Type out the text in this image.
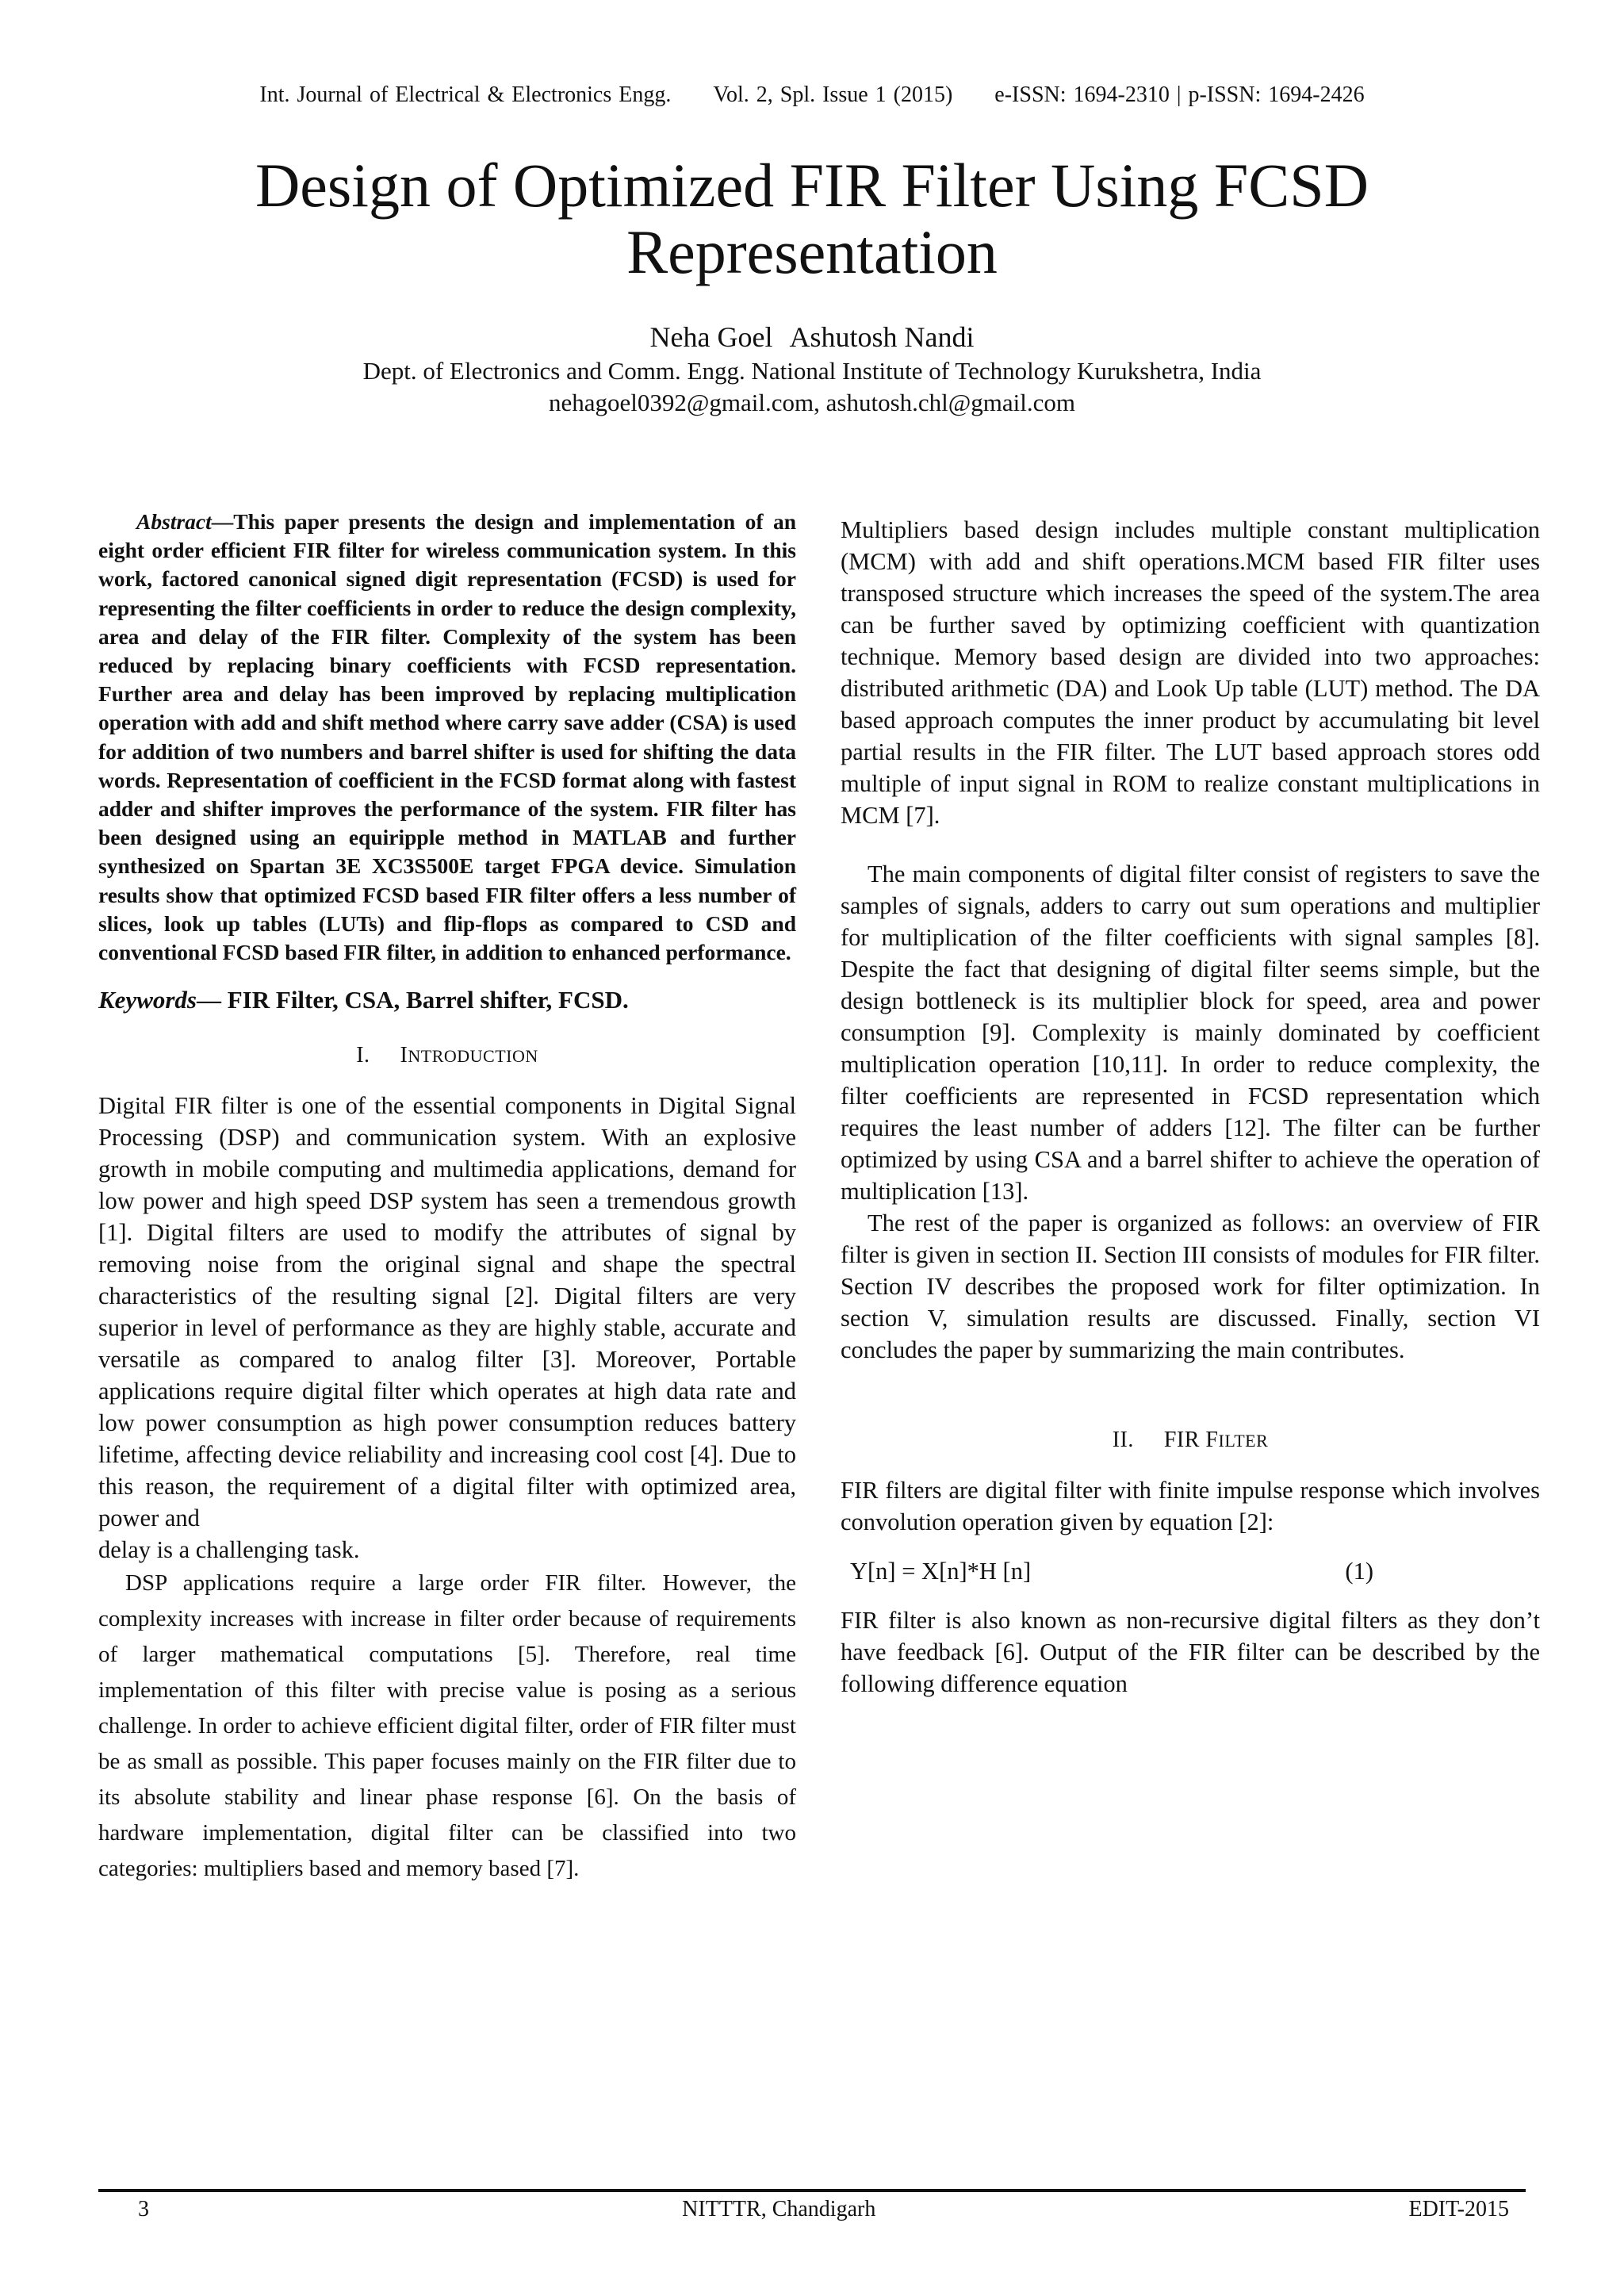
Int. Journal of Electrical & Electronics Engg. Vol. 2, Spl. Issue 1 (2015) e-ISSN: 1694-2310 | p-ISSN: 1694-2426
Design of Optimized FIR Filter Using FCSD Representation
Neha Goel Ashutosh Nandi
Dept. of Electronics and Comm. Engg. National Institute of Technology Kurukshetra, India
nehagoel0392@gmail.com, ashutosh.chl@gmail.com

Abstract—This paper presents the design and implementation of an eight order efficient FIR filter for wireless communication system. In this work, factored canonical signed digit representation (FCSD) is used for representing the filter coefficients in order to reduce the design complexity, area and delay of the FIR filter. Complexity of the system has been reduced by replacing binary coefficients with FCSD representation. Further area and delay has been improved by replacing multiplication operation with add and shift method where carry save adder (CSA) is used for addition of two numbers and barrel shifter is used for shifting the data words. Representation of coefficient in the FCSD format along with fastest adder and shifter improves the performance of the system. FIR filter has been designed using an equiripple method in MATLAB and further synthesized on Spartan 3E XC3S500E target FPGA device. Simulation results show that optimized FCSD based FIR filter offers a less number of slices, look up tables (LUTs) and flip-flops as compared to CSD and conventional FCSD based FIR filter, in addition to enhanced performance.

Keywords— FIR Filter, CSA, Barrel shifter, FCSD.

I. INTRODUCTION

Digital FIR filter is one of the essential components in Digital Signal Processing (DSP) and communication system. With an explosive growth in mobile computing and multimedia applications, demand for low power and high speed DSP system has seen a tremendous growth [1]. Digital filters are used to modify the attributes of signal by removing noise from the original signal and shape the spectral characteristics of the resulting signal [2]. Digital filters are very superior in level of performance as they are highly stable, accurate and versatile as compared to analog filter [3]. Moreover, Portable applications require digital filter which operates at high data rate and low power consumption as high power consumption reduces battery lifetime, affecting device reliability and increasing cool cost [4]. Due to this reason, the requirement of a digital filter with optimized area, power and

delay is a challenging task.

DSP applications require a large order FIR filter. However, the complexity increases with increase in filter order because of requirements of larger mathematical computations [5]. Therefore, real time implementation of this filter with precise value is posing as a serious challenge. In order to achieve efficient digital filter, order of FIR filter must be as small as possible. This paper focuses mainly on the FIR filter due to its absolute stability and linear phase response [6]. On the basis of hardware implementation, digital filter can be classified into two categories: multipliers based and memory based [7].

Multipliers based design includes multiple constant multiplication (MCM) with add and shift operations.MCM based FIR filter uses transposed structure which increases the speed of the system.The area can be further saved by optimizing coefficient with quantization technique. Memory based design are divided into two approaches: distributed arithmetic (DA) and Look Up table (LUT) method. The DA based approach computes the inner product by accumulating bit level partial results in the FIR filter. The LUT based approach stores odd multiple of input signal in ROM to realize constant multiplications in MCM [7].

The main components of digital filter consist of registers to save the samples of signals, adders to carry out sum operations and multiplier for multiplication of the filter coefficients with signal samples [8]. Despite the fact that designing of digital filter seems simple, but the design bottleneck is its multiplier block for speed, area and power consumption [9]. Complexity is mainly dominated by coefficient multiplication operation [10,11]. In order to reduce complexity, the filter coefficients are represented in FCSD representation which requires the least number of adders [12]. The filter can be further optimized by using CSA and a barrel shifter to achieve the operation of multiplication [13].

The rest of the paper is organized as follows: an overview of FIR filter is given in section II. Section III consists of modules for FIR filter. Section IV describes the proposed work for filter optimization. In section V, simulation results are discussed. Finally, section VI concludes the paper by summarizing the main contributes.

II. FIR FILTER

FIR filters are digital filter with finite impulse response which involves convolution operation given by equation [2]:

Y[n] = X[n]*H [n]	(1)

FIR filter is also known as non-recursive digital filters as they don’t have feedback [6]. Output of the FIR filter can be described by the following difference equation

3	NITTTR, Chandigarh	EDIT-2015
